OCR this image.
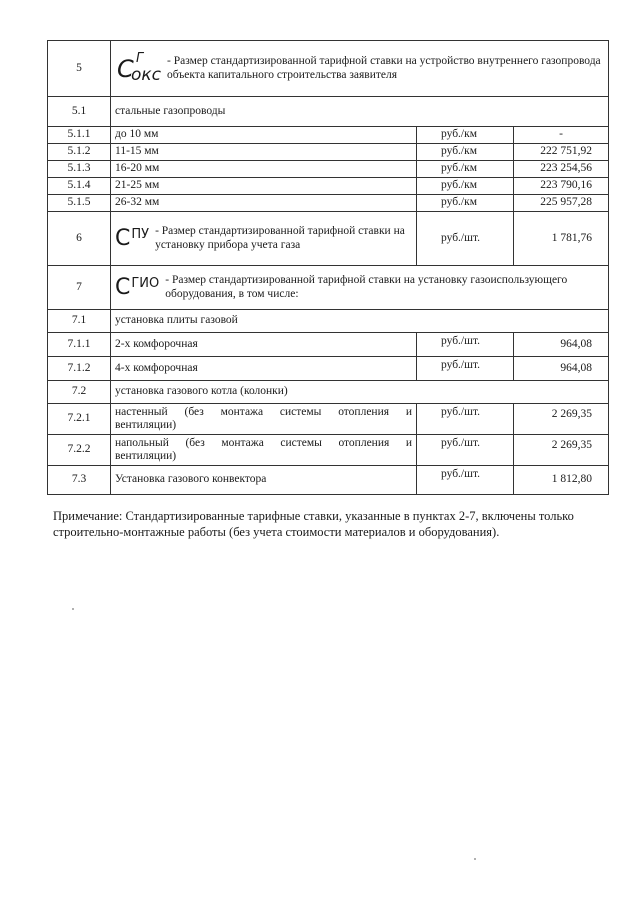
5	C Г
окс
- Размер стандартизированной тарифной ставки на устройство внутреннего газопровода объекта капитального строительства заявителя		

5.1	стальные газопроводы		
5.1.1	до 10 мм	руб./км	-
5.1.2	11-15 мм	руб./км	222 751,92
5.1.3	16-20 мм	руб./км	223 254,56
5.1.4	21-25 мм	руб./км	223 790,16
5.1.5	26-32 мм	руб./км	225 957,28
6	С ПУ - Размер стандартизированной тарифной ставки на установку прибора учета газа	руб./шт.	1 781,76
7	С ГИО - Размер стандартизированной тарифной ставки на установку газоиспользующего оборудования, в том числе:		

7.1	установка плиты газовой		
7.1.1	2-х комфорочная	руб./шт.	964,08
7.1.2	4-х комфорочная	руб./шт.	964,08
7.2	установка газового котла (колонки)		
7.2.1	настенный (без монтажа системы отопления и
вентиляции)	руб./шт.	2 269,35
7.2.2	напольный (без монтажа системы отопления и
вентиляции)	руб./шт.	2 269,35
7.3	Установка газового конвектора	руб./шт.	1 812,80

Примечание: Стандартизированные тарифные ставки, указанные в пунктах 2-7, включены только строительно-монтажные работы (без учета стоимости материалов и оборудования).
